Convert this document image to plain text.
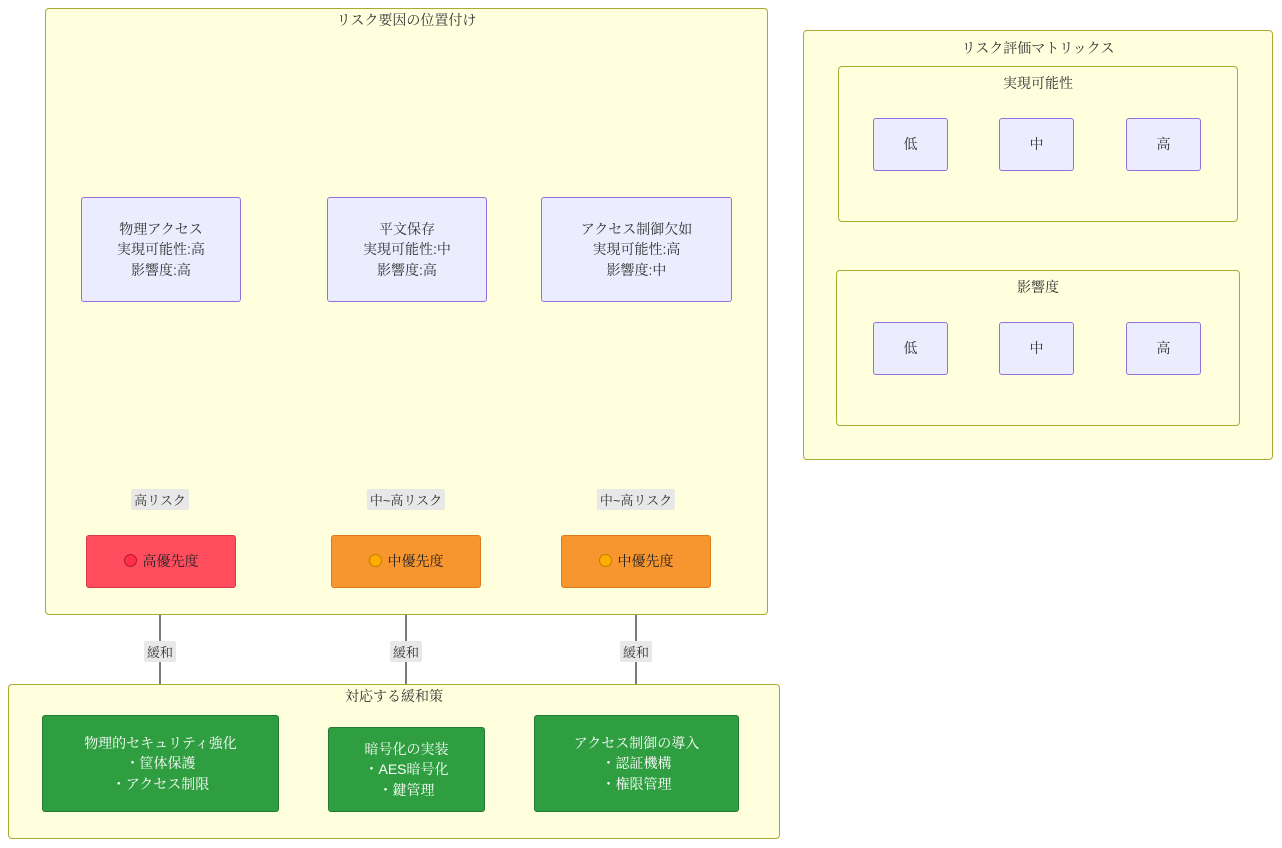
リスク要因の位置付け
物理アクセス
実現可能性:高
影響度:高
平文保存
実現可能性:中
影響度:高
アクセス制御欠如
実現可能性:高
影響度:中
高リスク	中~高リスク	中~高リスク
高優先度	中優先度	中優先度
緩和	緩和	緩和
対応する緩和策
物理的セキュリティ強化
・筐体保護
・アクセス制限
暗号化の実装
・AES暗号化
・鍵管理
アクセス制御の導入
・認証機構
・権限管理
リスク評価マトリックス
実現可能性
低	中	高
影響度
低	中	高
